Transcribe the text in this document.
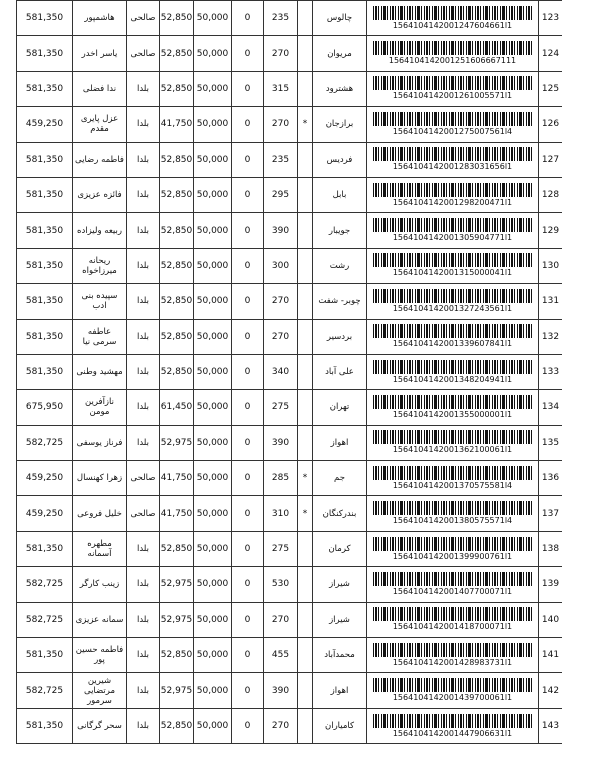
581,350	هاشمپور	صالحی	52,850	50,000	0	235		چالوس	1564104142001247604661l1	123
581,350	یاسر اخدر	صالحی	52,850	50,000	0	270		مریوان	1564104142001251606667111	124
581,350	ندا فضلی	بلدا	52,850	50,000	0	315		هشترود	1564104142001261005571l1	125
459,250	عزل پایری مقدم	بلدا	41,750	50,000	0	270	*	برازجان	1564104142001275007561l4	126
581,350	فاطمه رضایی	بلدا	52,850	50,000	0	235		فردیس	1564104142001283031656l1	127
581,350	فائزه عزیزی	بلدا	52,850	50,000	0	295		بابل	1564104142001298200471l1	128
581,350	ربیعه ولیزاده	بلدا	52,850	50,000	0	390		جویبار	1564104142001305904771l1	129
581,350	ریحانه میرزاخواه	بلدا	52,850	50,000	0	300		رشت	1564104142001315000041l1	130
581,350	سپیده بنی ادب	بلدا	52,850	50,000	0	270		چوبر- شفت	1564104142001327243561l1	131
581,350	عاطفه سرمی نیا	بلدا	52,850	50,000	0	270		بردسیر	1564104142001339607841l1	132
581,350	مهشید وطنی	بلدا	52,850	50,000	0	340		علی آباد	1564104142001348204941l1	133
675,950	نازآفرین مومن	بلدا	61,450	50,000	0	275		تهران	1564104142001355000001l1	134
582,725	فرناز یوسفی	بلدا	52,975	50,000	0	390		اهواز	1564104142001362100061l1	135
459,250	زهرا کهنسال	صالحی	41,750	50,000	0	285	*	جم	1564104142001370575581l4	136
459,250	خلیل فروعی	صالحی	41,750	50,000	0	310	*	بندرکنگان	1564104142001380575571l4	137
581,350	مطهره آسمانه	بلدا	52,850	50,000	0	275		کرمان	1564104142001399900761l1	138
582,725	زینب کارگر	بلدا	52,975	50,000	0	530		شیراز	1564104142001407700071l1	139
582,725	سمانه عزیزی	بلدا	52,975	50,000	0	270		شیراز	1564104142001418700071l1	140
581,350	فاطمه حسین پور	بلدا	52,850	50,000	0	455		محمدآباد	1564104142001428983731l1	141
582,725	شیرین مرتضایی سرمور	بلدا	52,975	50,000	0	390		اهواز	1564104142001439700061l1	142
581,350	سحر گرگانی	بلدا	52,850	50,000	0	270		کامیاران	1564104142001447906631l1	143
